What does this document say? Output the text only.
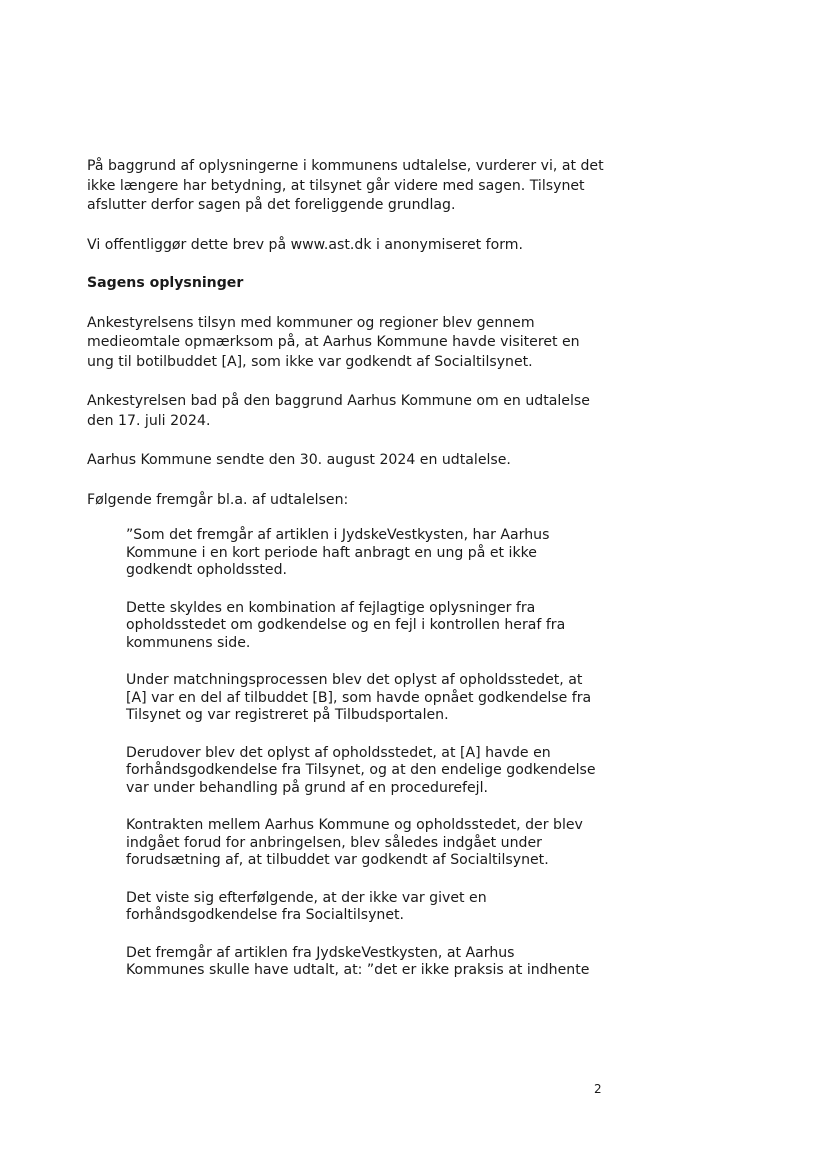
På baggrund af oplysningerne i kommunens udtalelse, vurderer vi, at det
ikke længere har betydning, at tilsynet går videre med sagen. Tilsynet
afslutter derfor sagen på det foreliggende grundlag.

Vi offentliggør dette brev på www.ast.dk i anonymiseret form.

Sagens oplysninger

Ankestyrelsens tilsyn med kommuner og regioner blev gennem
medieomtale opmærksom på, at Aarhus Kommune havde visiteret en
ung til botilbuddet [A], som ikke var godkendt af Socialtilsynet.

Ankestyrelsen bad på den baggrund Aarhus Kommune om en udtalelse
den 17. juli 2024.

Aarhus Kommune sendte den 30. august 2024 en udtalelse.

Følgende fremgår bl.a. af udtalelsen:

”Som det fremgår af artiklen i JydskeVestkysten, har Aarhus
Kommune i en kort periode haft anbragt en ung på et ikke
godkendt opholdssted.

Dette skyldes en kombination af fejlagtige oplysninger fra
opholdsstedet om godkendelse og en fejl i kontrollen heraf fra
kommunens side.

Under matchningsprocessen blev det oplyst af opholdsstedet, at
[A] var en del af tilbuddet [B], som havde opnået godkendelse fra
Tilsynet og var registreret på Tilbudsportalen.

Derudover blev det oplyst af opholdsstedet, at [A] havde en
forhåndsgodkendelse fra Tilsynet, og at den endelige godkendelse
var under behandling på grund af en procedurefejl.

Kontrakten mellem Aarhus Kommune og opholdsstedet, der blev
indgået forud for anbringelsen, blev således indgået under
forudsætning af, at tilbuddet var godkendt af Socialtilsynet.

Det viste sig efterfølgende, at der ikke var givet en
forhåndsgodkendelse fra Socialtilsynet.

Det fremgår af artiklen fra JydskeVestkysten, at Aarhus
Kommunes skulle have udtalt, at: ”det er ikke praksis at indhente

2
